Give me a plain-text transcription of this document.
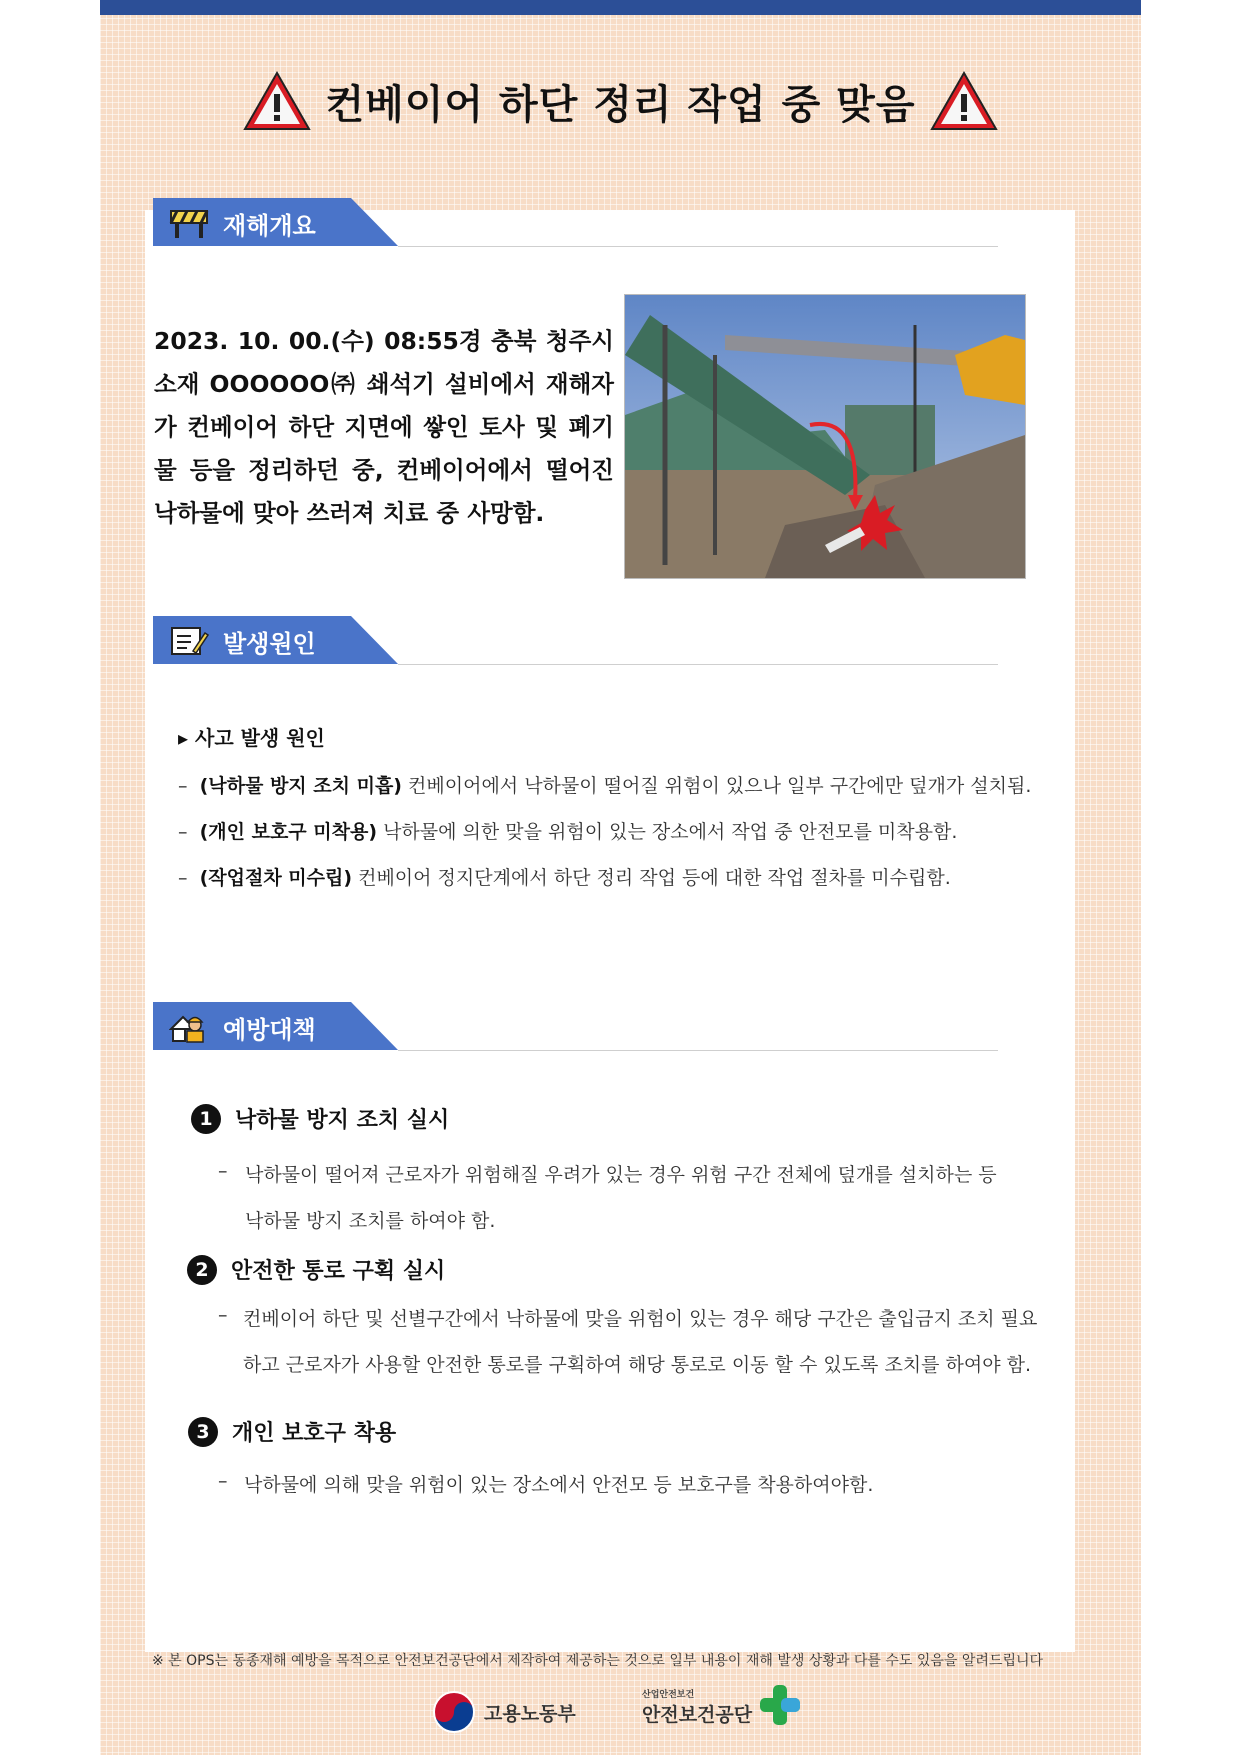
컨베이어 하단 정리 작업 중 맞음
재해개요
2023. 10. 00.(수) 08:55경 충북 청주시 소재 OOOOOO㈜ 쇄석기 설비에서 재해자가 컨베이어 하단 지면에 쌓인 토사 및 폐기물 등을 정리하던 중, 컨베이어에서 떨어진 낙하물에 맞아 쓰러져 치료 중 사망함.
발생원인
▸ 사고 발생 원인
– (낙하물 방지 조치 미흡) 컨베이어에서 낙하물이 떨어질 위험이 있으나 일부 구간에만 덮개가 설치됨.
– (개인 보호구 미착용) 낙하물에 의한 맞을 위험이 있는 장소에서 작업 중 안전모를 미착용함.
– (작업절차 미수립) 컨베이어 정지단계에서 하단 정리 작업 등에 대한 작업 절차를 미수립함.
예방대책
1	낙하물 방지 조치 실시
– 낙하물이 떨어져 근로자가 위험해질 우려가 있는 경우 위험 구간 전체에 덮개를 설치하는 등
낙하물 방지 조치를 하여야 함.
2	안전한 통로 구획 실시
– 컨베이어 하단 및 선별구간에서 낙하물에 맞을 위험이 있는 경우 해당 구간은 출입금지 조치 필요
하고 근로자가 사용할 안전한 통로를 구획하여 해당 통로로 이동 할 수 있도록 조치를 하여야 함.
3	개인 보호구 착용
– 낙하물에 의해 맞을 위험이 있는 장소에서 안전모 등 보호구를 착용하여야함.
※ 본 OPS는 동종재해 예방을 목적으로 안전보건공단에서 제작하여 제공하는 것으로 일부 내용이 재해 발생 상황과 다를 수도 있음을 알려드립니다
고용노동부
산업안전보건
안전보건공단
